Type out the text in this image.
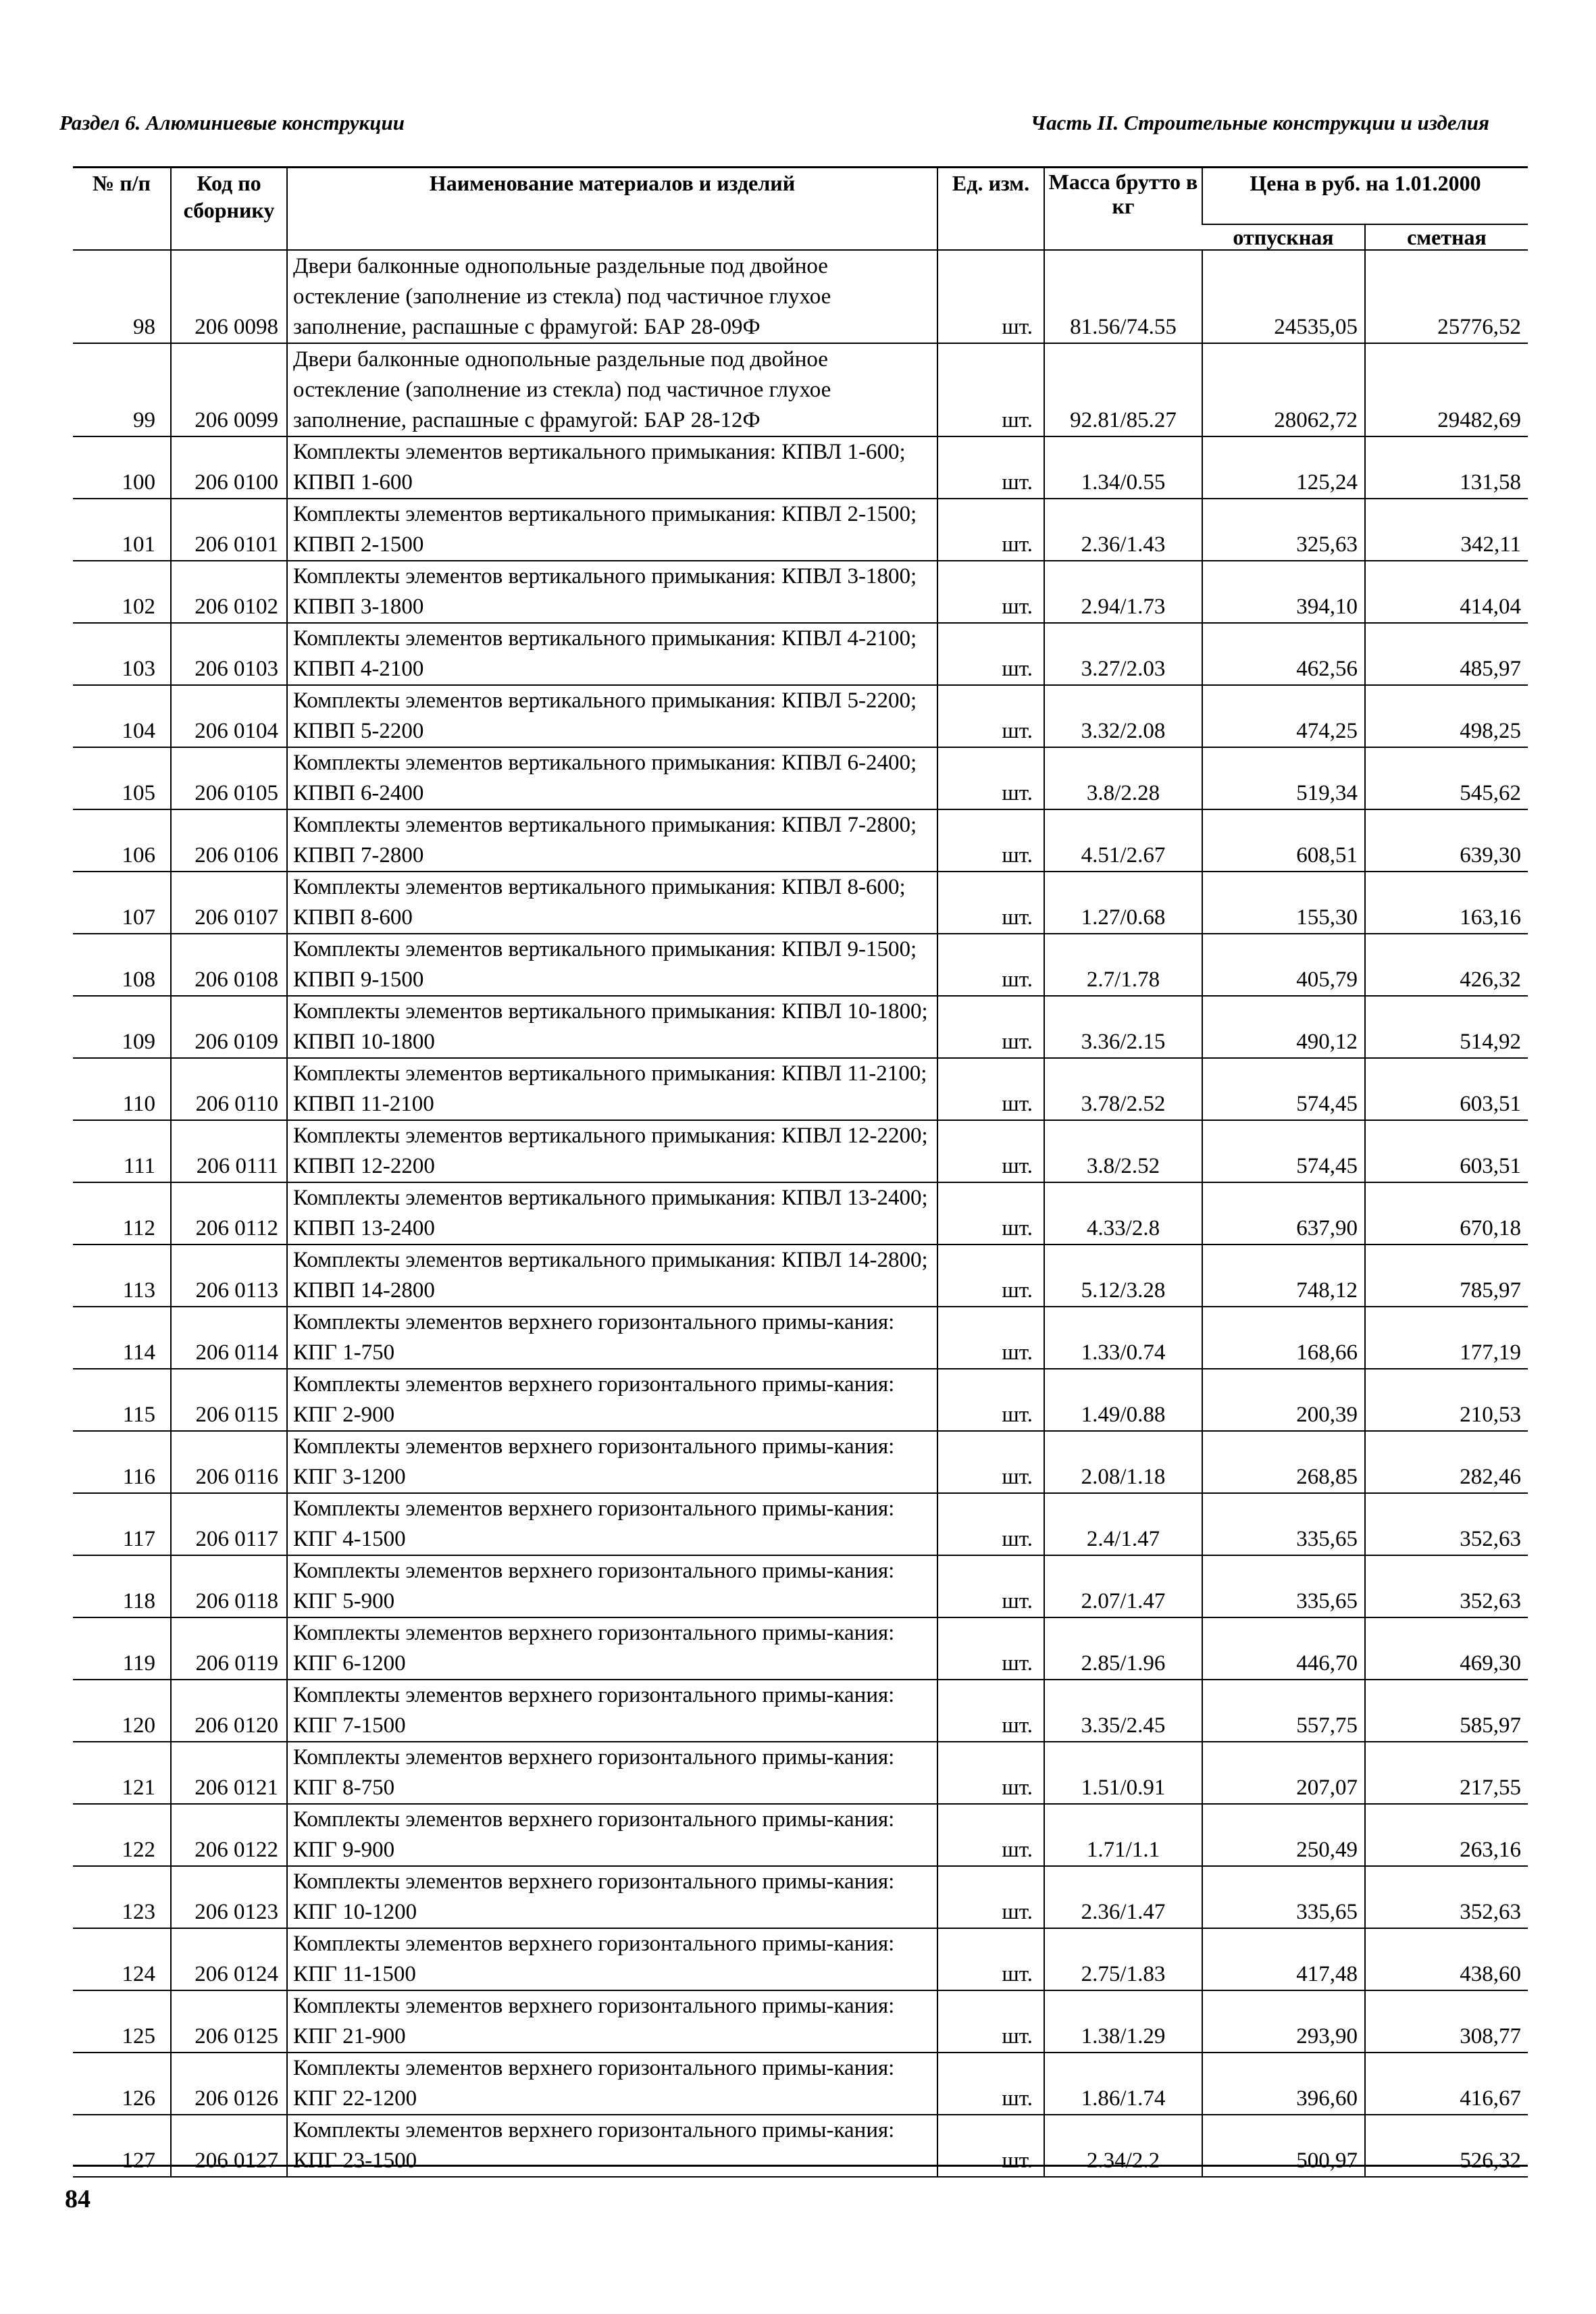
Раздел 6. Алюминиевые конструкции	Часть II. Строительные конструкции и изделия
№ п/п	Код по сборнику	Наименование материалов и изделий	Ед. изм.	Масса брутто в кг	Цена в руб. на 1.01.2000	
					отпускная	сметная
98	206 0098	Двери балконные однопольные раздельные под двойное остекление (заполнение из стекла) под частичное глухое заполнение, распашные с фрамугой: БАР 28-09Ф	шт.	81.56/74.55	24535,05	25776,52
99	206 0099	Двери балконные однопольные раздельные под двойное остекление (заполнение из стекла) под частичное глухое заполнение, распашные с фрамугой: БАР 28-12Ф	шт.	92.81/85.27	28062,72	29482,69
100	206 0100	Комплекты элементов вертикального примыкания: КПВЛ 1-600; КПВП 1-600	шт.	1.34/0.55	125,24	131,58
101	206 0101	Комплекты элементов вертикального примыкания: КПВЛ 2-1500; КПВП 2-1500	шт.	2.36/1.43	325,63	342,11
102	206 0102	Комплекты элементов вертикального примыкания: КПВЛ 3-1800; КПВП 3-1800	шт.	2.94/1.73	394,10	414,04
103	206 0103	Комплекты элементов вертикального примыкания: КПВЛ 4-2100; КПВП 4-2100	шт.	3.27/2.03	462,56	485,97
104	206 0104	Комплекты элементов вертикального примыкания: КПВЛ 5-2200; КПВП 5-2200	шт.	3.32/2.08	474,25	498,25
105	206 0105	Комплекты элементов вертикального примыкания: КПВЛ 6-2400; КПВП 6-2400	шт.	3.8/2.28	519,34	545,62
106	206 0106	Комплекты элементов вертикального примыкания: КПВЛ 7-2800; КПВП 7-2800	шт.	4.51/2.67	608,51	639,30
107	206 0107	Комплекты элементов вертикального примыкания: КПВЛ 8-600; КПВП 8-600	шт.	1.27/0.68	155,30	163,16
108	206 0108	Комплекты элементов вертикального примыкания: КПВЛ 9-1500; КПВП 9-1500	шт.	2.7/1.78	405,79	426,32
109	206 0109	Комплекты элементов вертикального примыкания: КПВЛ 10-1800; КПВП 10-1800	шт.	3.36/2.15	490,12	514,92
110	206 0110	Комплекты элементов вертикального примыкания: КПВЛ 11-2100; КПВП 11-2100	шт.	3.78/2.52	574,45	603,51
111	206 0111	Комплекты элементов вертикального примыкания: КПВЛ 12-2200; КПВП 12-2200	шт.	3.8/2.52	574,45	603,51
112	206 0112	Комплекты элементов вертикального примыкания: КПВЛ 13-2400; КПВП 13-2400	шт.	4.33/2.8	637,90	670,18
113	206 0113	Комплекты элементов вертикального примыкания: КПВЛ 14-2800; КПВП 14-2800	шт.	5.12/3.28	748,12	785,97
114	206 0114	Комплекты элементов верхнего горизонтального примы-кания: КПГ 1-750	шт.	1.33/0.74	168,66	177,19
115	206 0115	Комплекты элементов верхнего горизонтального примы-кания: КПГ 2-900	шт.	1.49/0.88	200,39	210,53
116	206 0116	Комплекты элементов верхнего горизонтального примы-кания: КПГ 3-1200	шт.	2.08/1.18	268,85	282,46
117	206 0117	Комплекты элементов верхнего горизонтального примы-кания: КПГ 4-1500	шт.	2.4/1.47	335,65	352,63
118	206 0118	Комплекты элементов верхнего горизонтального примы-кания: КПГ 5-900	шт.	2.07/1.47	335,65	352,63
119	206 0119	Комплекты элементов верхнего горизонтального примы-кания: КПГ 6-1200	шт.	2.85/1.96	446,70	469,30
120	206 0120	Комплекты элементов верхнего горизонтального примы-кания: КПГ 7-1500	шт.	3.35/2.45	557,75	585,97
121	206 0121	Комплекты элементов верхнего горизонтального примы-кания: КПГ 8-750	шт.	1.51/0.91	207,07	217,55
122	206 0122	Комплекты элементов верхнего горизонтального примы-кания: КПГ 9-900	шт.	1.71/1.1	250,49	263,16
123	206 0123	Комплекты элементов верхнего горизонтального примы-кания: КПГ 10-1200	шт.	2.36/1.47	335,65	352,63
124	206 0124	Комплекты элементов верхнего горизонтального примы-кания: КПГ 11-1500	шт.	2.75/1.83	417,48	438,60
125	206 0125	Комплекты элементов верхнего горизонтального примы-кания: КПГ 21-900	шт.	1.38/1.29	293,90	308,77
126	206 0126	Комплекты элементов верхнего горизонтального примы-кания: КПГ 22-1200	шт.	1.86/1.74	396,60	416,67
127	206 0127	Комплекты элементов верхнего горизонтального примы-кания: КПГ 23-1500	шт.	2.34/2.2	500,97	526,32
84
